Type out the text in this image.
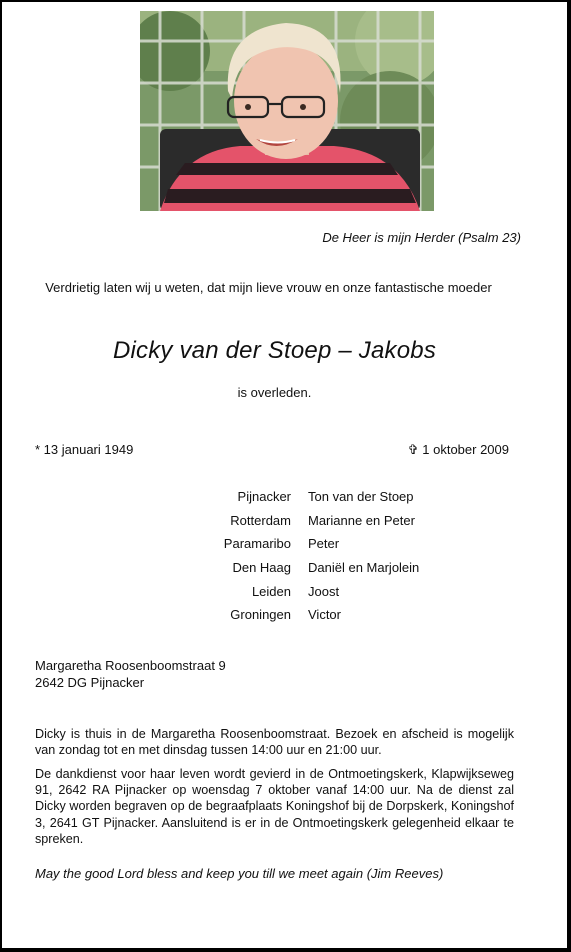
De Heer is mijn Herder (Psalm 23)
Verdrietig laten wij u weten, dat mijn lieve vrouw en onze fantastische moeder
Dicky van der Stoep – Jakobs
is overleden.
* 13 januari 1949	✞ 1 oktober 2009
Pijnacker	Ton van der Stoep
Rotterdam	Marianne en Peter
Paramaribo	Peter
Den Haag	Daniël en Marjolein
Leiden	Joost
Groningen	Victor
Margaretha Roosenboomstraat 9
2642 DG Pijnacker

Dicky is thuis in de Margaretha Roosenboomstraat. Bezoek en afscheid is mogelijk van zondag tot en met dinsdag tussen 14:00 uur en 21:00 uur.

De dankdienst voor haar leven wordt gevierd in de Ontmoetingskerk, Klapwijkseweg 91, 2642 RA Pijnacker op woensdag 7 oktober vanaf 14:00 uur. Na de dienst zal Dicky worden begraven op de begraafplaats Koningshof bij de Dorpskerk, Koningshof 3, 2641 GT Pijnacker. Aansluitend is er in de Ontmoetingskerk gelegenheid elkaar te spreken.

May the good Lord bless and keep you till we meet again (Jim Reeves)
